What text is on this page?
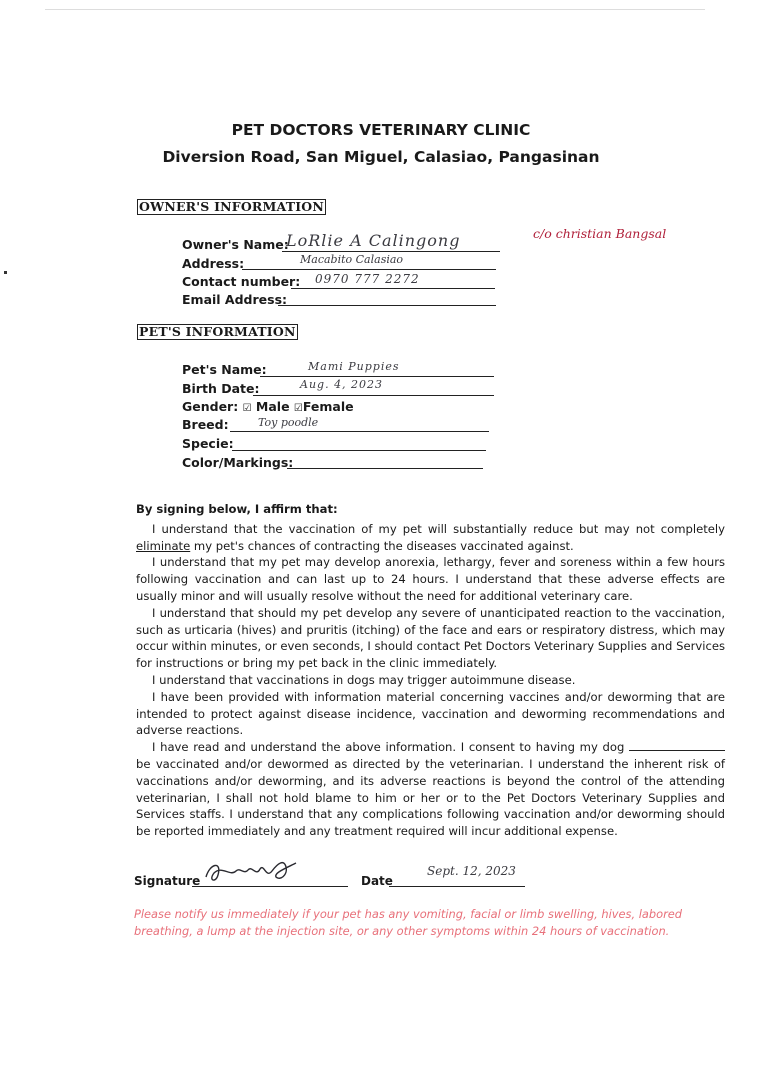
PET DOCTORS VETERINARY CLINIC
Diversion Road, San Miguel, Calasiao, Pangasinan
OWNER'S INFORMATION
Owner's Name:
LoRlie A Calingong	c/o christian Bangsal
Address:	Macabito Calasiao
Contact number: 0970 777 2272
Email Address:
PET'S INFORMATION
Pet's Name:	Mami Puppies
Birth Date:	Aug. 4, 2023
Gender: ☑ Male ☑Female
Breed:	Toy poodle
Specie:
Color/Markings:

By signing below, I affirm that:

I understand that the vaccination of my pet will substantially reduce but may not completely eliminate my pet's chances of contracting the diseases vaccinated against.

I understand that my pet may develop anorexia, lethargy, fever and soreness within a few hours following vaccination and can last up to 24 hours. I understand that these adverse effects are usually minor and will usually resolve without the need for additional veterinary care.

I understand that should my pet develop any severe of unanticipated reaction to the vaccination, such as urticaria (hives) and pruritis (itching) of the face and ears or respiratory distress, which may occur within minutes, or even seconds, I should contact Pet Doctors Veterinary Supplies and Services for instructions or bring my pet back in the clinic immediately.

I understand that vaccinations in dogs may trigger autoimmune disease.

I have been provided with information material concerning vaccines and/or deworming that are intended to protect against disease incidence, vaccination and deworming recommendations and adverse reactions.

I have read and understand the above information. I consent to having my dog  be vaccinated and/or dewormed as directed by the veterinarian. I understand the inherent risk of vaccinations and/or deworming, and its adverse reactions is beyond the control of the attending veterinarian, I shall not hold blame to him or her or to the Pet Doctors Veterinary Supplies and Services staffs. I understand that any complications following vaccination and/or deworming should be reported immediately and any treatment required will incur additional expense.

Signature	Date
Sept. 12, 2023
Please notify us immediately if your pet has any vomiting, facial or limb swelling, hives, labored breathing, a lump at the injection site, or any other symptoms within 24 hours of vaccination.
